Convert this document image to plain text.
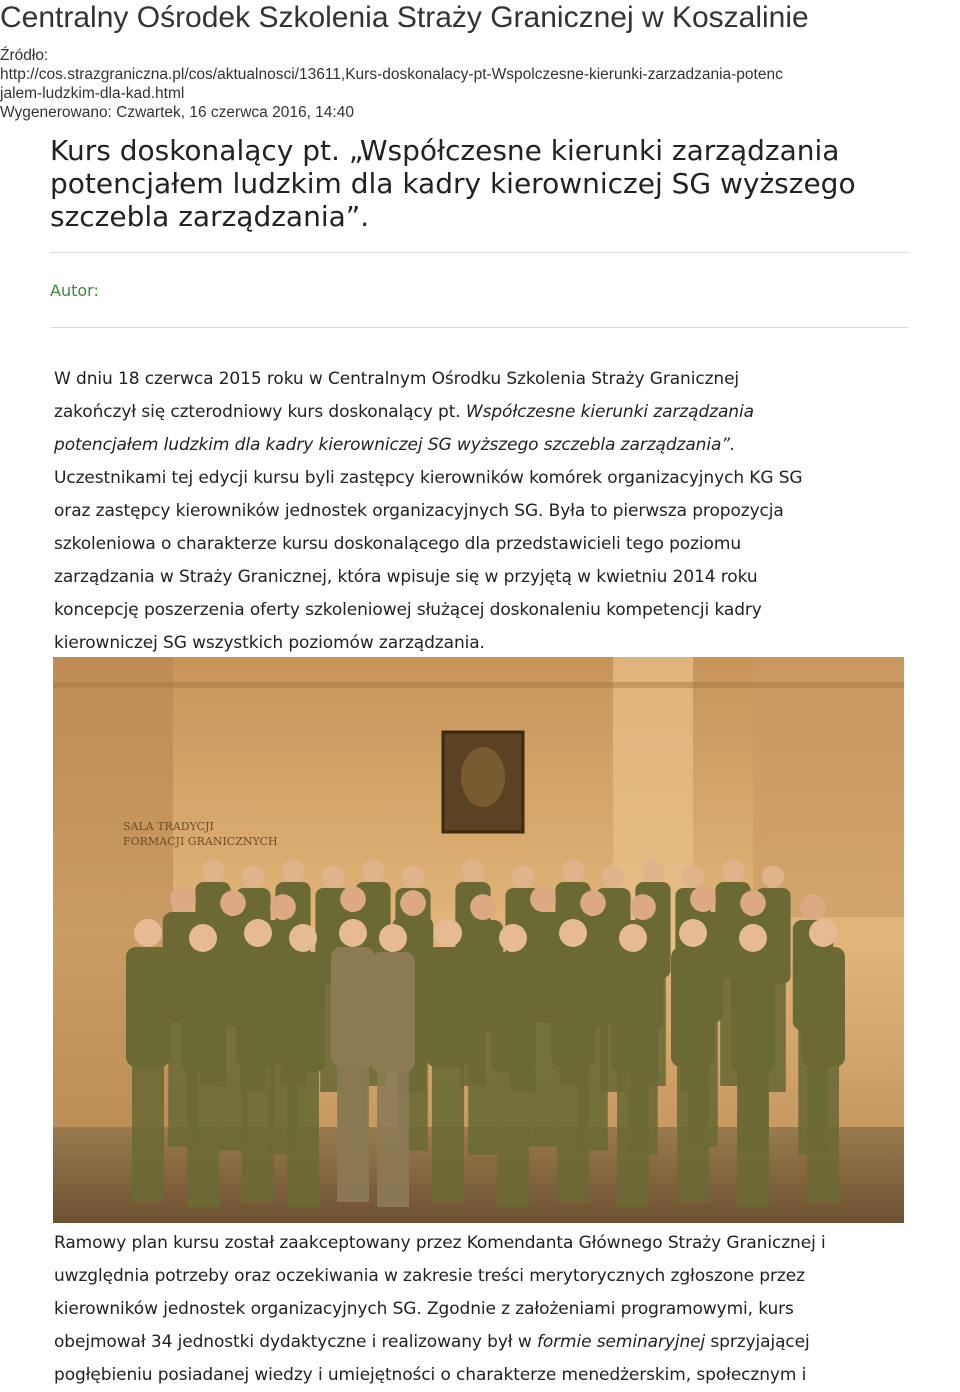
Centralny Ośrodek Szkolenia Straży Granicznej w Koszalinie
Źródło:
http://cos.strazgraniczna.pl/cos/aktualnosci/13611,Kurs-doskonalacy-pt-Wspolczesne-kierunki-zarzadzania-potenc
jalem-ludzkim-dla-kad.html
Wygenerowano: Czwartek, 16 czerwca 2016, 14:40
Kurs doskonalący pt. „Współczesne kierunki zarządzania
potencjałem ludzkim dla kadry kierowniczej SG wyższego
szczebla zarządzania”.
Autor:
W dniu 18 czerwca 2015 roku w Centralnym Ośrodku Szkolenia Straży Granicznej
zakończył się czterodniowy kurs doskonalący pt. Współczesne kierunki zarządzania
potencjałem ludzkim dla kadry kierowniczej SG wyższego szczebla zarządzania”.
Uczestnikami tej edycji kursu byli zastępcy kierowników komórek organizacyjnych KG SG
oraz zastępcy kierowników jednostek organizacyjnych SG. Była to pierwsza propozycja
szkoleniowa o charakterze kursu doskonalącego dla przedstawicieli tego poziomu
zarządzania w Straży Granicznej, która wpisuje się w przyjętą w kwietniu 2014 roku
koncepcję poszerzenia oferty szkoleniowej służącej doskonaleniu kompetencji kadry
kierowniczej SG wszystkich poziomów zarządzania.
SALA TRADYCJI
FORMACJI GRANICZNYCH
Ramowy plan kursu został zaakceptowany przez Komendanta Głównego Straży Granicznej i
uwzględnia potrzeby oraz oczekiwania w zakresie treści merytorycznych zgłoszone przez
kierowników jednostek organizacyjnych SG. Zgodnie z założeniami programowymi, kurs
obejmował 34 jednostki dydaktyczne i realizowany był w formie seminaryjnej sprzyjającej
pogłębieniu posiadanej wiedzy i umiejętności o charakterze menedżerskim, społecznym i
